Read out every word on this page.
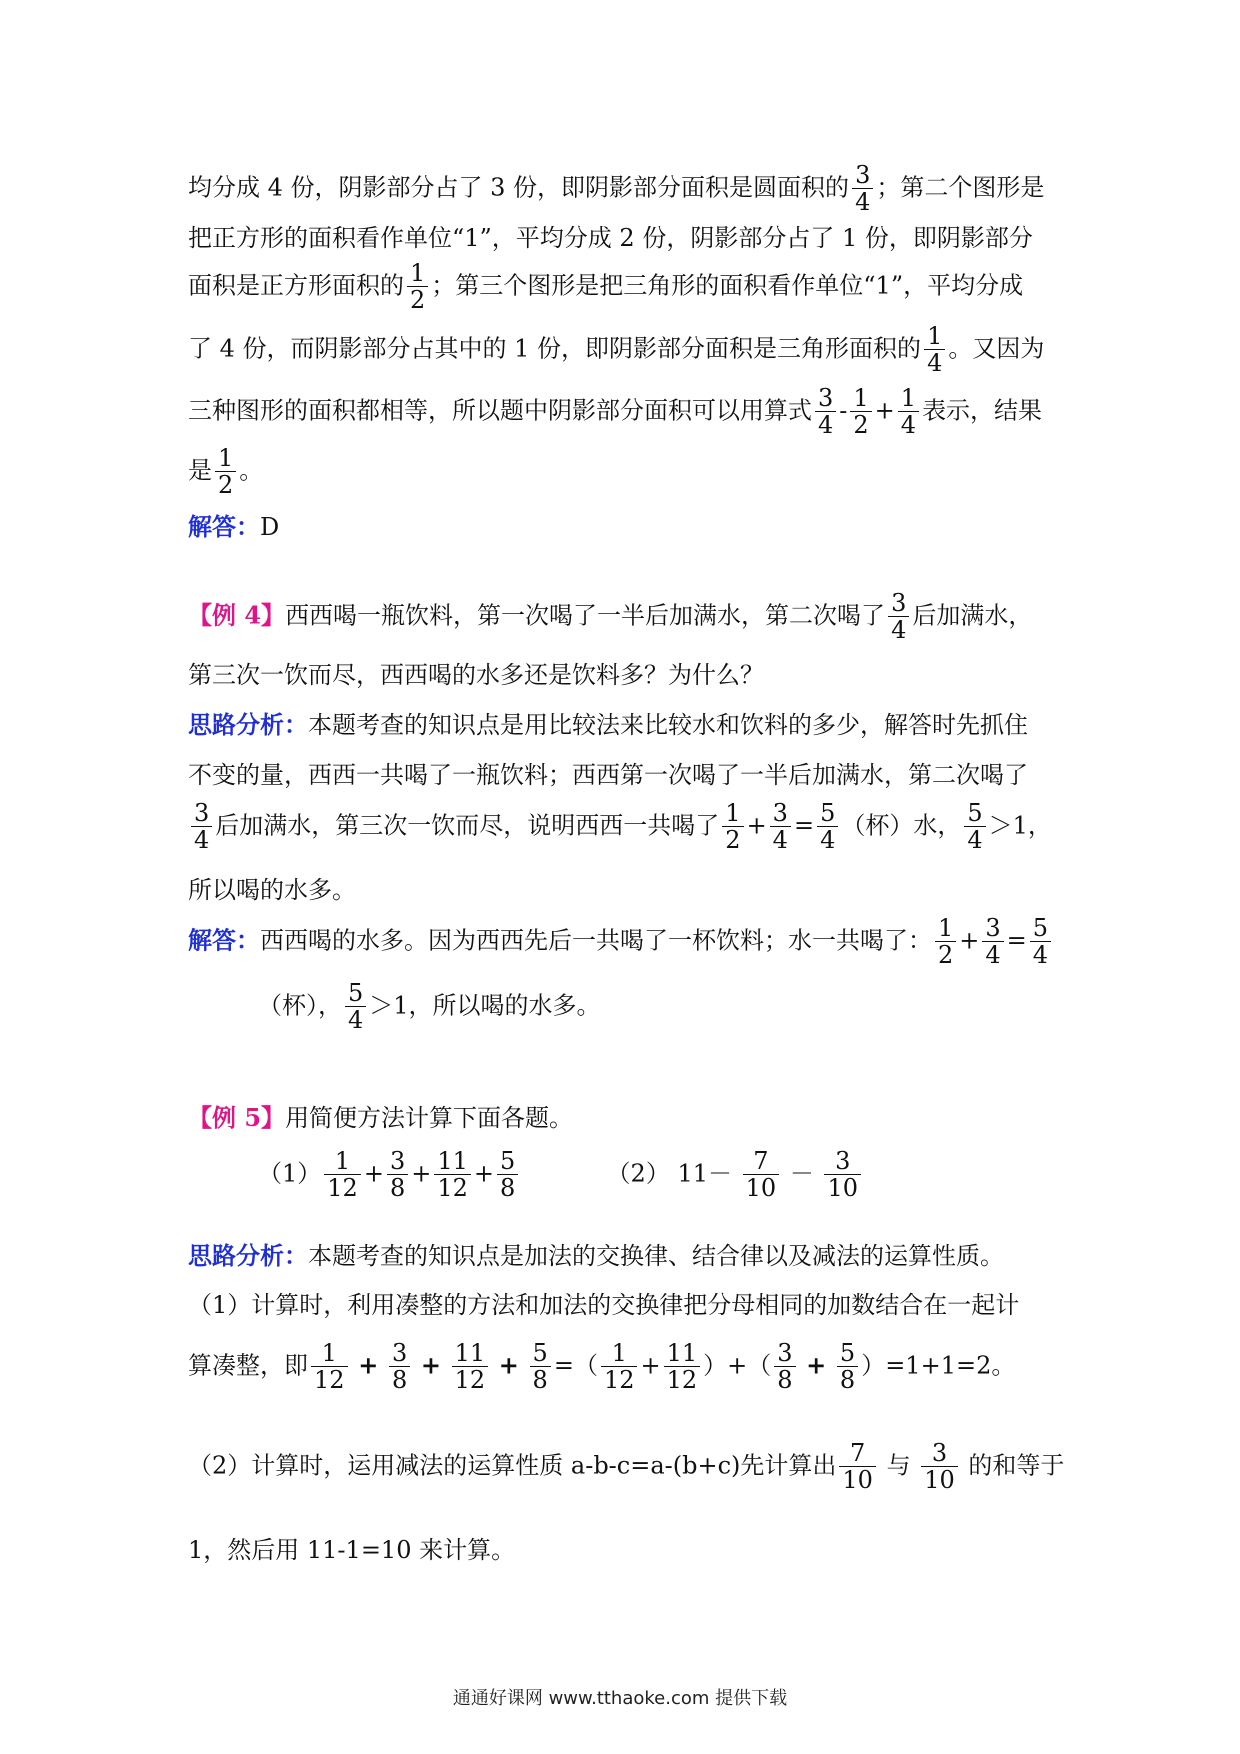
均分成 4 份，阴影部分占了 3 份，即阴影部分面积是圆面积的 $\frac{3}{4}$ ；第二个图形是
把正方形的面积看作单位“1”，平均分成 2 份，阴影部分占了 1 份，即阴影部分
面积是正方形面积的 $\frac{1}{2}$ ；第三个图形是把三角形的面积看作单位“1”，平均分成
了 4 份，而阴影部分占其中的 1 份，即阴影部分面积是三角形面积的 $\frac{1}{4}$ 。又因为
三种图形的面积都相等，所以题中阴影部分面积可以用算式 $\frac{3}{4} - \frac{1}{2} + \frac{1}{4}$ 表示，结果
是 $\frac{1}{2}$ 。
解答：D
【例 4】西西喝一瓶饮料，第一次喝了一半后加满水，第二次喝了 $\frac{3}{4}$ 后加满水，
第三次一饮而尽，西西喝的水多还是饮料多？为什么？
思路分析：本题考查的知识点是用比较法来比较水和饮料的多少，解答时先抓住
不变的量，西西一共喝了一瓶饮料；西西第一次喝了一半后加满水，第二次喝了
$\frac{3}{4}$ 后加满水，第三次一饮而尽，说明西西一共喝了 $\frac{1}{2} + \frac{3}{4} = \frac{5}{4}$ （杯）水， $\frac{5}{4} >1$，
所以喝的水多。
解答：西西喝的水多。因为西西先后一共喝了一杯饮料；水一共喝了： $\frac{1}{2} + \frac{3}{4} = \frac{5}{4}$
（杯）， $\frac{5}{4} >1$，所以喝的水多。
【例 5】用简便方法计算下面各题。
$(1) \frac{1}{12} + \frac{3}{8} + \frac{11}{12} + \frac{5}{8}$	（2） $11- \frac{7}{10} - \frac{3}{10}$
思路分析：本题考查的知识点是加法的交换律、结合律以及减法的运算性质。
（1）计算时，利用凑整的方法和加法的交换律把分母相同的加数结合在一起计
算凑整，即 $\frac{1}{12} + \frac{3}{8} + \frac{11}{12} + \frac{5}{8}$ =（ $\frac{1}{12} + \frac{11}{12}$ ）+（ $\frac{3}{8} + \frac{5}{8} )=1+1=2$。
（2）计算时，运用减法的运算性质 a-b-c=a-(b+c)先计算出 $\frac{7}{10}$ 与 $\frac{3}{10}$ 的和等于
1，然后用 11-1=10 来计算。
通通好课网 www.tthaoke.com 提供下载
